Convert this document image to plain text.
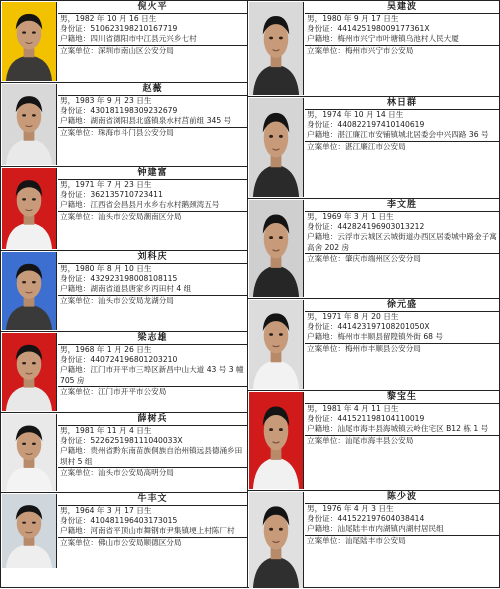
倪火平
男，1982 年 10 月 16 日生
身份证：510623198210167719
户籍地：四川省德阳市中江县元兴乡七村
立案单位：深圳市南山区公安分局
赵薇
男，1983 年 9 月 23 日生
身份证：430181198309232679
户籍地：湖南省浏阳县北盛镇泉水村莒前组 345 号
立案单位：珠海市斗门县公安分局
钟建富
男，1971 年 7 月 23 日生
身份证：362135710723411
户籍地：江西省会昌县月水乡右水村鹅颈湾五号
立案单位：汕头市公安局潮南区分局
刘科庆
男，1980 年 8 月 10 日生
身份证：432923198008108115
户籍地：湖南省道县唐家乡丙田村 4 组
立案单位：汕头市公安局龙湖分局
梁志雄
男，1968 年 1 月 26 日生
身份证：440724196801203210
户籍地：江门市开平市三埠区新昌中山大道 43 号 3 幢 705 房
立案单位：江门市开平市公安局
薛树兵
男，1981 年 11 月 4 日生
身份证：522625198111040033X
户籍地：贵州省黔东南苗族侗族自治州镇远县德涌乡田坝村 5 组
立案单位：汕头市公安局高明分局
牛丰文
男，1964 年 3 月 17 日生
身份证：410481196403173015
户籍地：河南省平顶山市舞钢市尹集镇埂上村陈厂村
立案单位：佛山市公安局顺德区分局
吴建波
男，1980 年 9 月 17 日生
身份证：441425198009177361X
户籍地：梅州市兴宁市叶塘镇乌池村人民大厦
立案单位：梅州市兴宁市公安局
林日群
男，1974 年 10 月 14 日生
身份证：440822197410140619
户籍地：湛江廉江市安铺镇城北居委会中兴四路 36 号
立案单位：湛江廉江市公安局
李文胜
男，1969 年 3 月 1 日生
身份证：442824196903013212
户籍地：云浮市云城区云城街道办西区居委城中路金子寓高舍 202 房
立案单位：肇庆市端州区公安分局
徐元盛
男，1971 年 8 月 20 日生
身份证：441423197108201050X
户籍地：梅州市丰顺县留隍镇外街 68 号
立案单位：梅州市丰顺县公安分局
黎宝生
男，1981 年 4 月 11 日生
身份证：441521198104110019
户籍地：汕尾市海丰县海城镇云岭住宅区 B12 栋 1 号
立案单位：汕尾市海丰县公安局
陈少波
男，1976 年 4 月 3 日生
身份证：441522197604038414
户籍地：汕尾陆丰市内湖镇内湖村居民组
立案单位：汕尾陆丰市公安局
